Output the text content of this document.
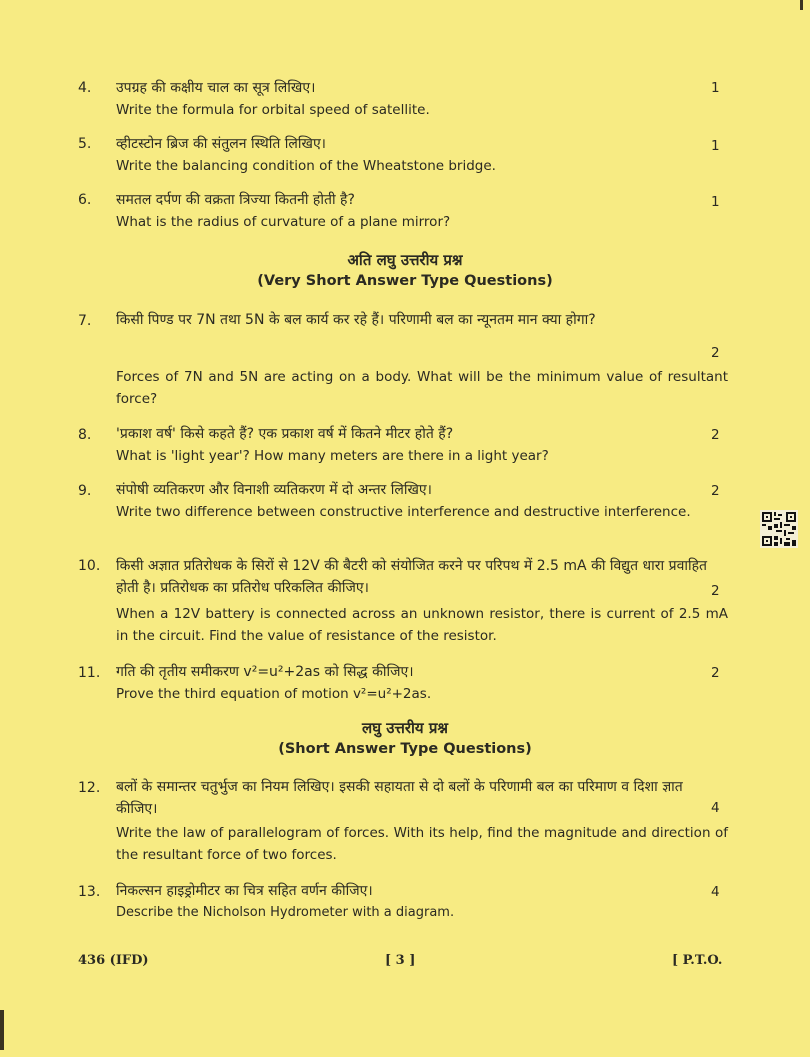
4. उपग्रह की कक्षीय चाल का सूत्र लिखिए।
Write the formula for orbital speed of satellite.
1
5. व्हीटस्टोन ब्रिज की संतुलन स्थिति लिखिए।
Write the balancing condition of the Wheatstone bridge.
1
6. समतल दर्पण की वक्रता त्रिज्या कितनी होती है?
What is the radius of curvature of a plane mirror?
1
अति लघु उत्तरीय प्रश्न
(Very Short Answer Type Questions)
7. किसी पिण्ड पर 7N तथा 5N के बल कार्य कर रहे हैं। परिणामी बल का न्यूनतम मान क्या होगा?
2
Forces of 7N and 5N are acting on a body. What will be the minimum value of resultant force?
8. 'प्रकाश वर्ष' किसे कहते हैं? एक प्रकाश वर्ष में कितने मीटर होते हैं?
What is 'light year'? How many meters are there in a light year?
2
9. संपोषी व्यतिकरण और विनाशी व्यतिकरण में दो अन्तर लिखिए।
Write two difference between constructive interference and destructive interference.
2
10. किसी अज्ञात प्रतिरोधक के सिरों से 12V की बैटरी को संयोजित करने पर परिपथ में 2.5 mA की विद्युत धारा प्रवाहित होती है। प्रतिरोधक का प्रतिरोध परिकलित कीजिए।	2
When a 12V battery is connected across an unknown resistor, there is current of 2.5 mA in the circuit. Find the value of resistance of the resistor.
11. गति की तृतीय समीकरण v²=u²+2as को सिद्ध कीजिए।
Prove the third equation of motion v²=u²+2as.
2
लघु उत्तरीय प्रश्न
(Short Answer Type Questions)
12. बलों के समान्तर चतुर्भुज का नियम लिखिए। इसकी सहायता से दो बलों के परिणामी बल का परिमाण व दिशा ज्ञात कीजिए।	4
Write the law of parallelogram of forces. With its help, find the magnitude and direction of the resultant force of two forces.
13. निकल्सन हाइड्रोमीटर का चित्र सहित वर्णन कीजिए।
Describe the Nicholson Hydrometer with a diagram.
4
436 (IFD)	[ 3 ]	[ P.T.O.
